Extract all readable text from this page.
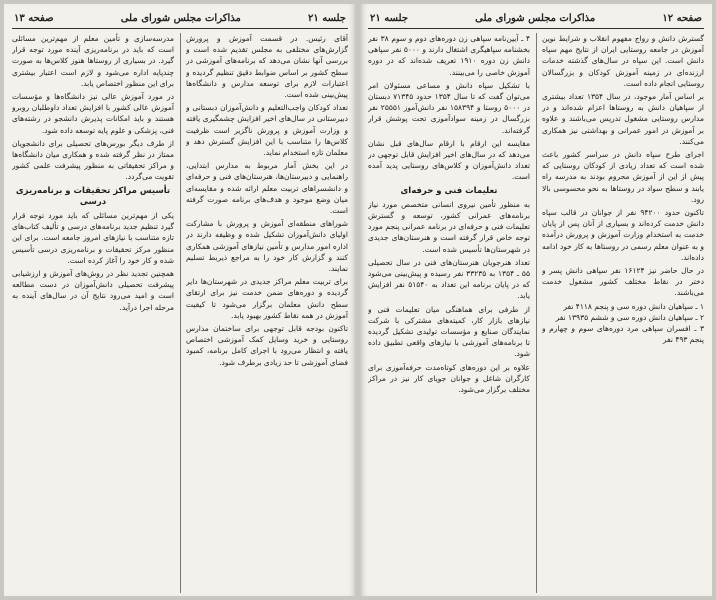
جلسه ۲۱
مذاکرات مجلس شورای ملی
صفحه ۱۳

آقای رئیس. در قسمت آموزش و پرورش گزارش‌های مختلفی به مجلس تقدیم شده است و بررسی آنها نشان می‌دهد که برنامه‌های آموزشی در سطح کشور بر اساس ضوابط دقیق تنظیم گردیده و اعتبارات لازم برای توسعه مدارس و دانشگاه‌ها پیش‌بینی شده است.

تعداد کودکان واجب‌التعلیم و دانش‌آموزان دبستانی و دبیرستانی در سال‌های اخیر افزایش چشمگیری یافته و وزارت آموزش و پرورش ناگزیر است ظرفیت کلاس‌ها را متناسب با این افزایش گسترش دهد و معلمان تازه استخدام نماید.

در این بخش آمار مربوط به مدارس ابتدایی، راهنمایی و دبیرستان‌ها، هنرستان‌های فنی و حرفه‌ای و دانشسراهای تربیت معلم ارائه شده و مقایسه‌ای میان وضع موجود و هدف‌های برنامه صورت گرفته است.

شوراهای منطقه‌ای آموزش و پرورش با مشارکت اولیای دانش‌آموزان تشکیل شده و وظیفه دارند در اداره امور مدارس و تأمین نیازهای آموزشی همکاری کنند و گزارش کار خود را به مراجع ذیربط تسلیم نمایند.

برای تربیت معلم مراکز جدیدی در شهرستان‌ها دایر گردیده و دوره‌های ضمن خدمت نیز برای ارتقای سطح دانش معلمان برگزار می‌شود تا کیفیت آموزش در همه نقاط کشور بهبود یابد.

تاکنون بودجه قابل توجهی برای ساختمان مدارس روستایی و خرید وسایل کمک آموزشی اختصاص یافته و انتظار می‌رود با اجرای کامل برنامه، کمبود فضای آموزشی تا حد زیادی برطرف شود.

مدرسه‌سازی و تأمین معلم از مهم‌ترین مسائلی است که باید در برنامه‌ریزی آینده مورد توجه قرار گیرد. در بسیاری از روستاها هنوز کلاس‌ها به صورت چندپایه اداره می‌شود و لازم است اعتبار بیشتری برای این منظور اختصاص یابد.

در مورد آموزش عالی نیز دانشگاه‌ها و مؤسسات آموزش عالی کشور با افزایش تعداد داوطلبان روبرو هستند و باید امکانات پذیرش دانشجو در رشته‌های فنی، پزشکی و علوم پایه توسعه داده شود.

از طرف دیگر بورس‌های تحصیلی برای دانشجویان ممتاز در نظر گرفته شده و همکاری میان دانشگاه‌ها و مراکز تحقیقاتی به منظور پیشرفت علمی کشور تقویت می‌گردد.

تأسیس مراکز تحقیقات و برنامه‌ریزی درسی

یکی از مهم‌ترین مسائلی که باید مورد توجه قرار گیرد تنظیم جدید برنامه‌های درسی و تألیف کتاب‌های تازه متناسب با نیازهای امروز جامعه است. برای این منظور مرکز تحقیقات و برنامه‌ریزی درسی تأسیس شده و کار خود را آغاز کرده است.

همچنین تجدید نظر در روش‌های آموزش و ارزشیابی پیشرفت تحصیلی دانش‌آموزان در دست مطالعه است و امید می‌رود نتایج آن در سال‌های آینده به مرحله اجرا درآید.

صفحه ۱۲
مذاکرات مجلس شورای ملی
جلسه ۲۱

گسترش دانش و رواج مفهوم انقلاب و شرایط نوین آموزش در جامعه روستایی ایران از نتایج مهم سپاه دانش است. این سپاه در سال‌های گذشته خدمات ارزنده‌ای در زمینه آموزش کودکان و بزرگسالان روستایی انجام داده است.

بر اساس آمار موجود، در سال ۱۳۵۴ تعداد بیشتری از سپاهیان دانش به روستاها اعزام شده‌اند و در مدارس روستایی مشغول تدریس می‌باشند و علاوه بر آموزش در امور عمرانی و بهداشتی نیز همکاری می‌کنند.

اجرای طرح سپاه دانش در سراسر کشور باعث شده است که تعداد زیادی از کودکان روستایی که پیش از این از آموزش محروم بودند به مدرسه راه یابند و سطح سواد در روستاها به نحو محسوسی بالا رود.

تاکنون حدود ۹۴۲۰۰ نفر از جوانان در قالب سپاه دانش خدمت کرده‌اند و بسیاری از آنان پس از پایان خدمت به استخدام وزارت آموزش و پرورش درآمده و به عنوان معلم رسمی در روستاها به کار خود ادامه داده‌اند.

در حال حاضر نیز ۱۶۱۲۴ نفر سپاهی دانش پسر و دختر در نقاط مختلف کشور مشغول خدمت می‌باشند.

۱ ـ سپاهیان دانش دوره سی و پنجم ۴۱۱۸ نفر

۲ ـ سپاهیان دانش دوره سی و ششم ۱۳۹۳۵ نفر

۳ ـ افسران سپاهی مرد دوره‌های سوم و چهارم و پنجم ۴۹۳ نفر

۴ ـ آیین‌نامه سپاهی زن دوره‌های دوم و سوم ۳۸ نفر بخشنامه سپاهیگری اشتغال دارند و ۵۰۰۰ نفر سپاهی دانش زن دوره ۱۹۱۰ تعریف شده‌اند که در دوره آموزش خاصی را می‌بینند.

با تشکیل سپاه دانش و مساعی مسئولان امر می‌توان گفت که تا سال ۱۳۵۴ حدود ۷۱۳۴۵ دبستان در ۵۰۰۰ روستا و ۱۵۸۳۹۴ نفر دانش‌آموز ۲۵۵۵۱ نفر بزرگسال در زمینه سوادآموزی تحت پوشش قرار گرفته‌اند.

مقایسه این ارقام با ارقام سال‌های قبل نشان می‌دهد که در سال‌های اخیر افزایش قابل توجهی در تعداد دانش‌آموزان و کلاس‌های روستایی پدید آمده است.

تعلیمات فنی و حرفه‌ای

به منظور تأمین نیروی انسانی متخصص مورد نیاز برنامه‌های عمرانی کشور، توسعه و گسترش تعلیمات فنی و حرفه‌ای در برنامه عمرانی پنجم مورد توجه خاص قرار گرفته است و هنرستان‌های جدیدی در شهرستان‌ها تأسیس شده است.

تعداد هنرجویان هنرستان‌های فنی در سال تحصیلی ۵۵ ـ ۱۳۵۴ به ۳۳۲۳۵ نفر رسیده و پیش‌بینی می‌شود که در پایان برنامه این تعداد به ۵۱۵۴۰ نفر افزایش یابد.

از طرفی برای هماهنگی میان تعلیمات فنی و نیازهای بازار کار، کمیته‌های مشترکی با شرکت نمایندگان صنایع و مؤسسات تولیدی تشکیل گردیده تا برنامه‌های آموزشی با نیازهای واقعی تطبیق داده شود.

علاوه بر این دوره‌های کوتاه‌مدت حرفه‌آموزی برای کارگران شاغل و جوانان جویای کار نیز در مراکز مختلف برگزار می‌شود.
